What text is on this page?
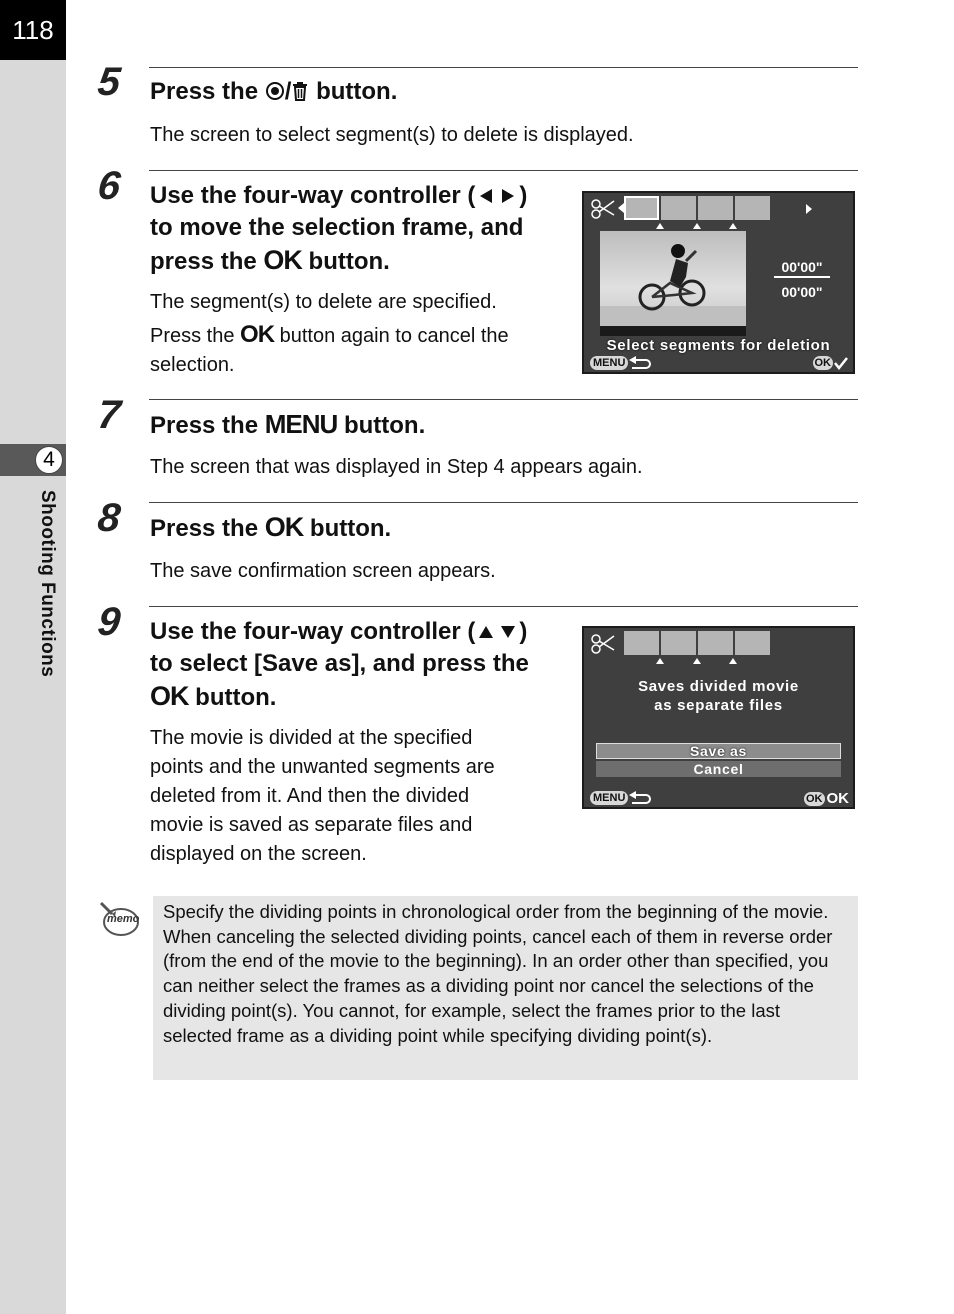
118
4
Shooting Functions
5 Press the / button.
The screen to select segment(s) to delete is displayed.
6 Use the four-way controller ( )
to move the selection frame, and
press the OK button.
The segment(s) to delete are specified.
Press the OK button again to cancel the
selection.
00'00"
00'00"
Select segments for deletion
MENU	OK
7 Press the MENU button.
The screen that was displayed in Step 4 appears again.
8 Press the OK button.
The save confirmation screen appears.
9 Use the four-way controller ( )
to select [Save as], and press the
OK button.
The movie is divided at the specified
points and the unwanted segments are
deleted from it. And then the divided
movie is saved as separate files and
displayed on the screen.
Saves divided movie
as separate files
Save as
Cancel
MENU	OK OK
memo Specify the dividing points in chronological order from the beginning of the movie. When canceling the selected dividing points, cancel each of them in reverse order (from the end of the movie to the beginning). In an order other than specified, you can neither select the frames as a dividing point nor cancel the selections of the dividing point(s). You cannot, for example, select the frames prior to the last selected frame as a dividing point while specifying dividing point(s).
